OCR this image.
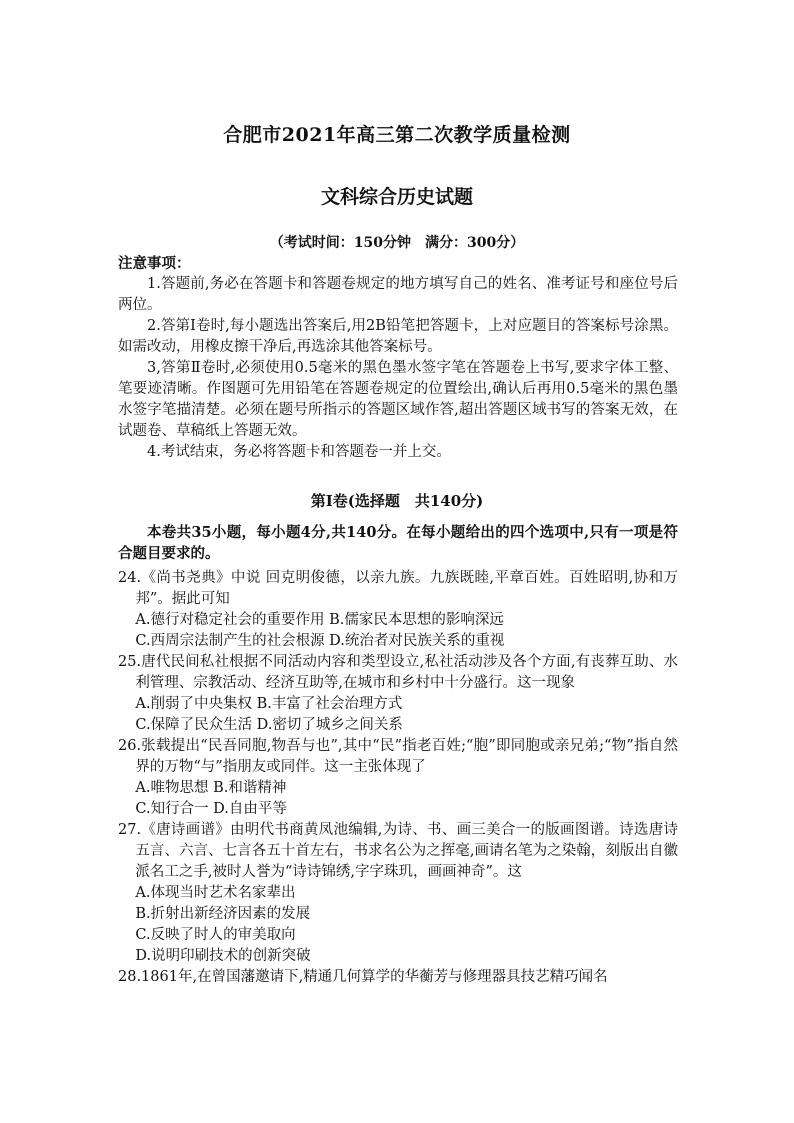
合肥市2021年高三第二次教学质量检测
文科综合历史试题
（考试时间：150分钟　满分：300分）
注意事项：
1.答题前,务必在答题卡和答题卷规定的地方填写自己的姓名、准考证号和座位号后两位。
2.答第Ⅰ卷时,每小题选出答案后,用2B铅笔把答题卡，上对应题目的答案标号涂黑。如需改动，用橡皮擦干净后,再选涂其他答案标号。
3,答第Ⅱ卷时,必须使用0.5毫米的黑色墨水签字笔在答题卷上书写,要求字体工整、笔要迹清晰。作图题可先用铅笔在答题卷规定的位置绘出,确认后再用0.5毫米的黑色墨水签字笔描清楚。必须在题号所指示的答题区域作答,超出答题区域书写的答案无效，在试题卷、草稿纸上答题无效。
4.考试结束，务必将答题卡和答题卷一并上交。
第Ⅰ卷(选择题　共140分)
本卷共35小题，每小题4分,共140分。在每小题给出的四个选项中,只有一项是符合题目要求的。
24.《尚书尧典》中说 回克明俊德，以亲九族。九族既睦,平章百姓。百姓昭明,协和万邦”。据此可知
A.德行对稳定社会的重要作用 B.儒家民本思想的影响深远
C.西周宗法制产生的社会根源 D.统治者对民族关系的重视
25.唐代民间私社根据不同活动内容和类型设立,私社活动涉及各个方面,有丧葬互助、水利管理、宗教活动、经济互助等,在城市和乡村中十分盛行。这一现象
A.削弱了中央集权 B.丰富了社会治理方式
C.保障了民众生活 D.密切了城乡之间关系
26.张载提出“民吾同胞,物吾与也”,其中“民”指老百姓;“胞”即同胞或亲兄弟;“物”指自然界的万物“与”指朋友或同伴。这一主张体现了
A.唯物思想 B.和谐精神
C.知行合一 D.自由平等
27.《唐诗画谱》由明代书商黄凤池编辑,为诗、书、画三美合一的版画图谱。诗选唐诗五言、六言、七言各五十首左右，书求名公为之挥毫,画请名笔为之染翰，刻版出自徽派名工之手,被时人誉为“诗诗锦绣,字字珠玑，画画神奇”。这
A.体现当时艺术名家辈出
B.折射出新经济因素的发展
C.反映了时人的审美取向
D.说明印刷技术的创新突破
28.1861年,在曾国藩邀请下,精通几何算学的华蘅芳与修理器具技艺精巧闻名
